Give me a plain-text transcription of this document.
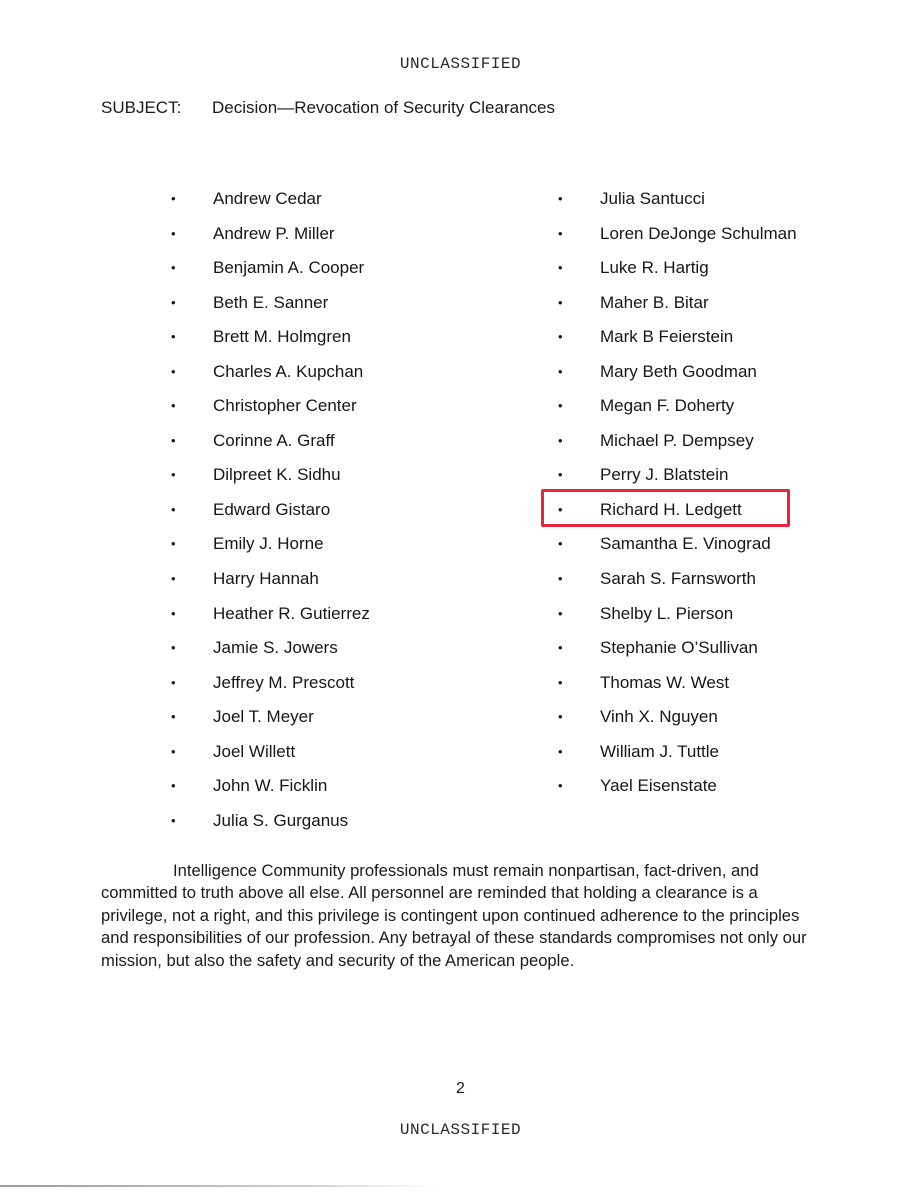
UNCLASSIFIED
SUBJECT: Decision—Revocation of Security Clearances
• Andrew Cedar
• Andrew P. Miller
• Benjamin A. Cooper
• Beth E. Sanner
• Brett M. Holmgren
• Charles A. Kupchan
• Christopher Center
• Corinne A. Graff
• Dilpreet K. Sidhu
• Edward Gistaro
• Emily J. Horne
• Harry Hannah
• Heather R. Gutierrez
• Jamie S. Jowers
• Jeffrey M. Prescott
• Joel T. Meyer
• Joel Willett
• John W. Ficklin
• Julia S. Gurganus
• Julia Santucci
• Loren DeJonge Schulman
• Luke R. Hartig
• Maher B. Bitar
• Mark B Feierstein
• Mary Beth Goodman
• Megan F. Doherty
• Michael P. Dempsey
• Perry J. Blatstein
• Richard H. Ledgett
• Samantha E. Vinograd
• Sarah S. Farnsworth
• Shelby L. Pierson
• Stephanie O’Sullivan
• Thomas W. West
• Vinh X. Nguyen
• William J. Tuttle
• Yael Eisenstate

Intelligence Community professionals must remain nonpartisan, fact-driven, and committed to truth above all else. All personnel are reminded that holding a clearance is a privilege, not a right, and this privilege is contingent upon continued adherence to the principles and responsibilities of our profession. Any betrayal of these standards compromises not only our mission, but also the safety and security of the American people.

2
UNCLASSIFIED
